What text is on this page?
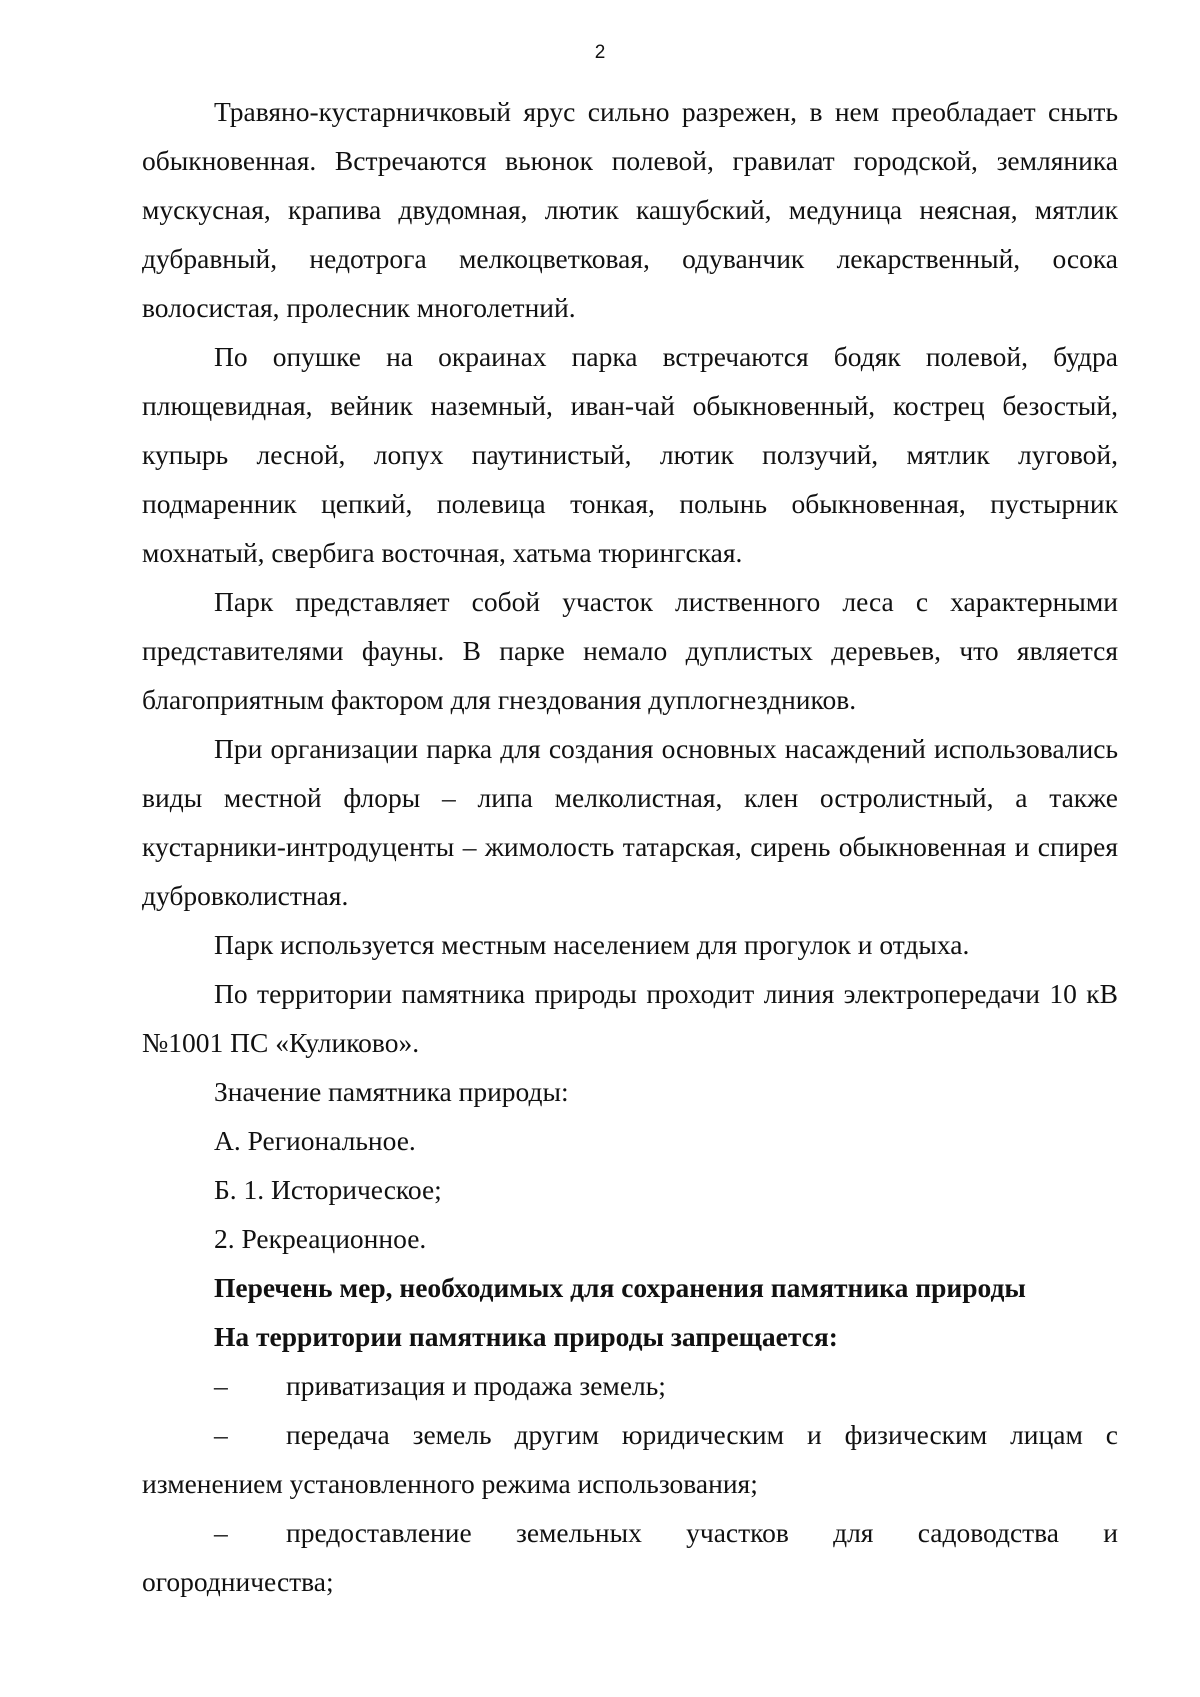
2

Травяно-кустарничковый ярус сильно разрежен, в нем преобладает сныть обыкновенная. Встречаются вьюнок полевой, гравилат городской, земляника мускусная, крапива двудомная, лютик кашубский, медуница неясная, мятлик дубравный, недотрога мелкоцветковая, одуванчик лекарственный, осока волосистая, пролесник многолетний.

По опушке на окраинах парка встречаются бодяк полевой, будра плющевидная, вейник наземный, иван-чай обыкновенный, кострец безостый, купырь лесной, лопух паутинистый, лютик ползучий, мятлик луговой, подмаренник цепкий, полевица тонкая, полынь обыкновенная, пустырник мохнатый, свербига восточная, хатьма тюрингская.

Парк представляет собой участок лиственного леса с характерными представителями фауны. В парке немало дуплистых деревьев, что является благоприятным фактором для гнездования дуплогнездников.

При организации парка для создания основных насаждений использовались виды местной флоры – липа мелколистная, клен остролистный, а также кустарники-интродуценты – жимолость татарская, сирень обыкновенная и спирея дубровколистная.

Парк используется местным населением для прогулок и отдыха.

По территории памятника природы проходит линия электропередачи 10 кВ №1001 ПС «Куликово».

Значение памятника природы:

А. Региональное.

Б. 1. Историческое;

2. Рекреационное.

Перечень мер, необходимых для сохранения памятника природы

На территории памятника природы запрещается:

– приватизация и продажа земель;

– передача земель другим юридическим и физическим лицам с изменением установленного режима использования;

– предоставление земельных участков для садоводства и огородничества;
